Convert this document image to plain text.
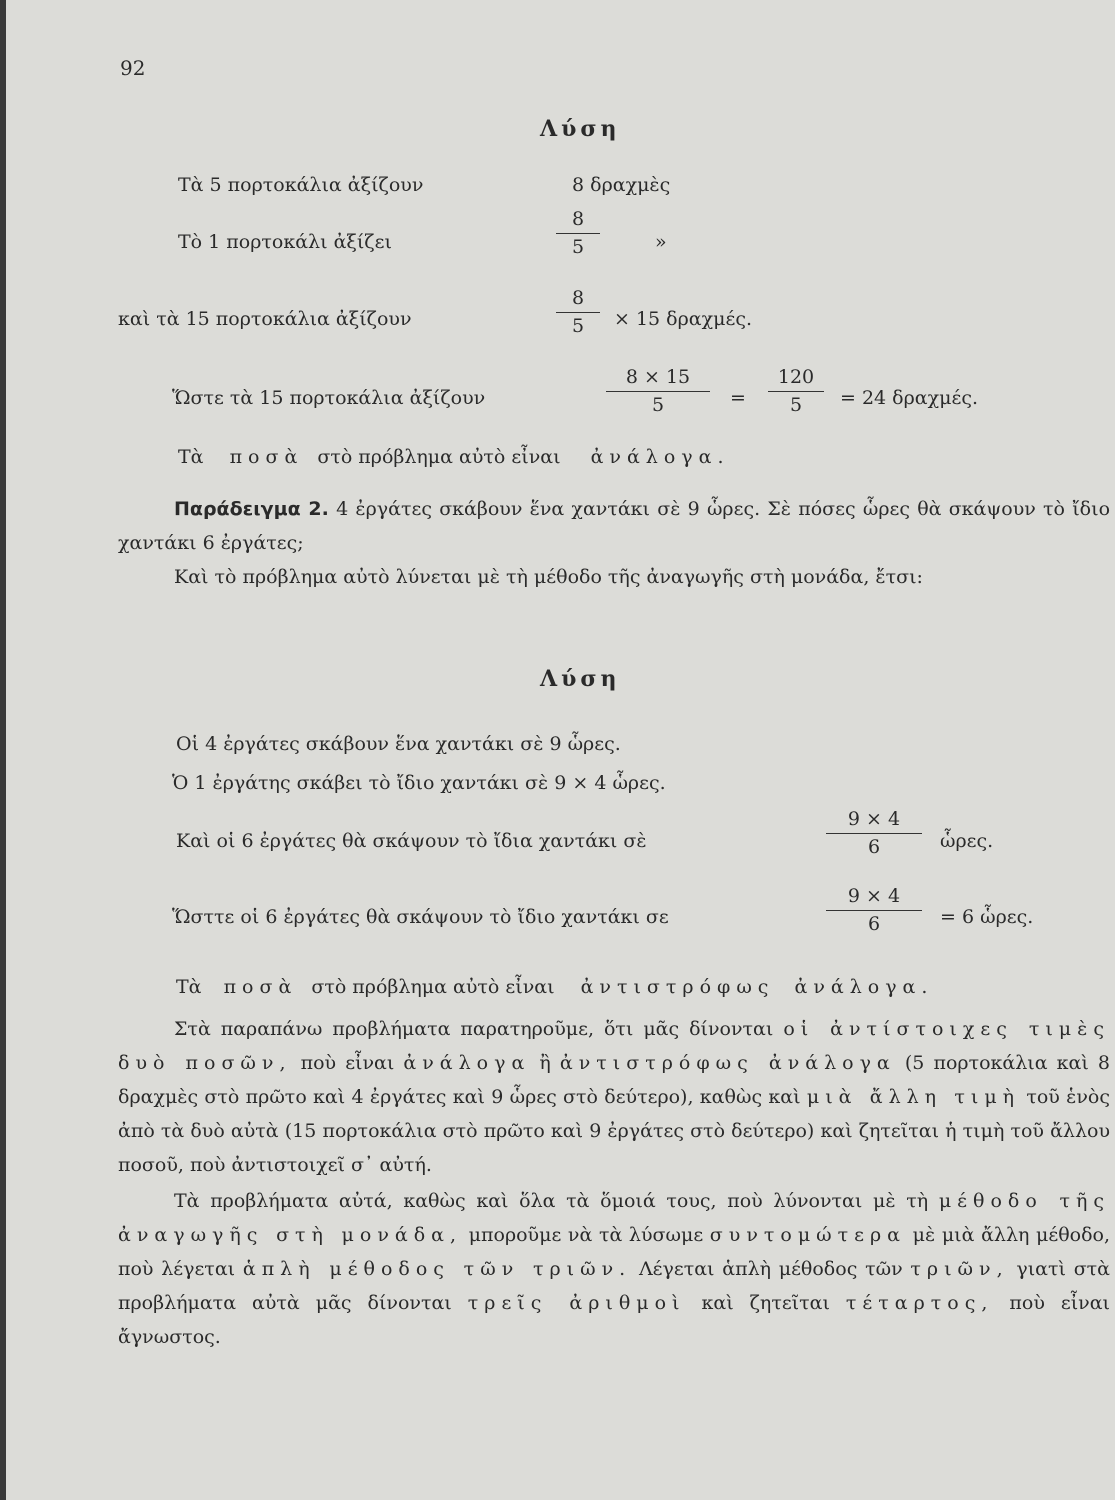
92
Λύση
Τὰ 5 πορτοκάλια ἀξίζουν	8 δραχμὲς
Τὸ 1 πορτοκάλι ἀξίζει	$\frac{8}{5}$	»
καὶ τὰ 15 πορτοκάλια ἀξίζουν	$\frac{8}{5} \times 15$ δραχμές.
Ὥστε τὰ 15 πορτοκάλια ἀξίζουν	$\frac{8 \times 15}{5} = \frac{120}{5} = 24$ δραχμές.
Τὰ ποσὰ στὸ πρόβλημα αὐτὸ εἶναι ἀνάλογα.

Παράδειγμα 2. 4 ἐργάτες σκάβουν ἕνα χαντάκι σὲ 9 ὧρες. Σὲ πόσες ὧρες θὰ σκάψουν τὸ ἴδιο χαντάκι 6 ἐργάτες;

Καὶ τὸ πρόβλημα αὐτὸ λύνεται μὲ τὴ μέθοδο τῆς ἀναγωγῆς στὴ μονάδα, ἔτσι:

Λύση
Οἱ 4 ἐργάτες σκάβουν ἕνα χαντάκι σὲ 9 ὧρες.
Ὁ 1 ἐργάτης σκάβει τὸ ἴδιο χαντάκι σὲ 9 × 4 ὧρες.
Καὶ οἱ 6 ἐργάτες θὰ σκάψουν τὸ ἴδια χαντάκι σὲ	$\frac{9 \times 4}{6}$ ὧρες.
Ὥσττε οἱ 6 ἐργάτες θὰ σκάψουν τὸ ἴδιο χαντάκι σε	$\frac{9 \times 4}{6} = 6$ ὧρες.
Τὰ ποσὰ στὸ πρόβλημα αὐτὸ εἶναι ἀντιστρόφως ἀνάλογα.

Στὰ παραπάνω προβλήματα παρατηροῦμε, ὅτι μᾶς δίνονται οἱ ἀντίστοιχες τιμὲς δυὸ ποσῶν, ποὺ εἶναι ἀνάλογα ἢ ἀντιστρόφως ἀνάλογα (5 πορτοκάλια καὶ 8 δραχμὲς στὸ πρῶτο καὶ 4 ἐργάτες καὶ 9 ὧρες στὸ δεύτερο), καθὼς καὶ μιὰ ἄλλη τιμὴ τοῦ ἑνὸς ἀπὸ τὰ δυὸ αὐτὰ (15 πορτοκάλια στὸ πρῶτο καὶ 9 ἐργάτες στὸ δεύτερο) καὶ ζητεῖται ἡ τιμὴ τοῦ ἄλλου ποσοῦ, ποὺ ἀντιστοιχεῖ σ᾿ αὐτή.

Τὰ προβλήματα αὐτά, καθὼς καὶ ὅλα τὰ ὅμοιά τους, ποὺ λύνονται μὲ τὴ μέθοδο τῆς ἀναγωγῆς στὴ μονάδα, μποροῦμε νὰ τὰ λύσωμε συντομώτερα μὲ μιὰ ἄλλη μέθοδο, ποὺ λέγεται ἁπλὴ μέθοδος τῶν τριῶν. Λέγεται ἁπλὴ μέθοδος τῶν τριῶν, γιατὶ στὰ προβλήματα αὐτὰ μᾶς δίνονται τρεῖς ἀριθμοὶ καὶ ζητεῖται τέταρτος, ποὺ εἶναι ἄγνωστος.
